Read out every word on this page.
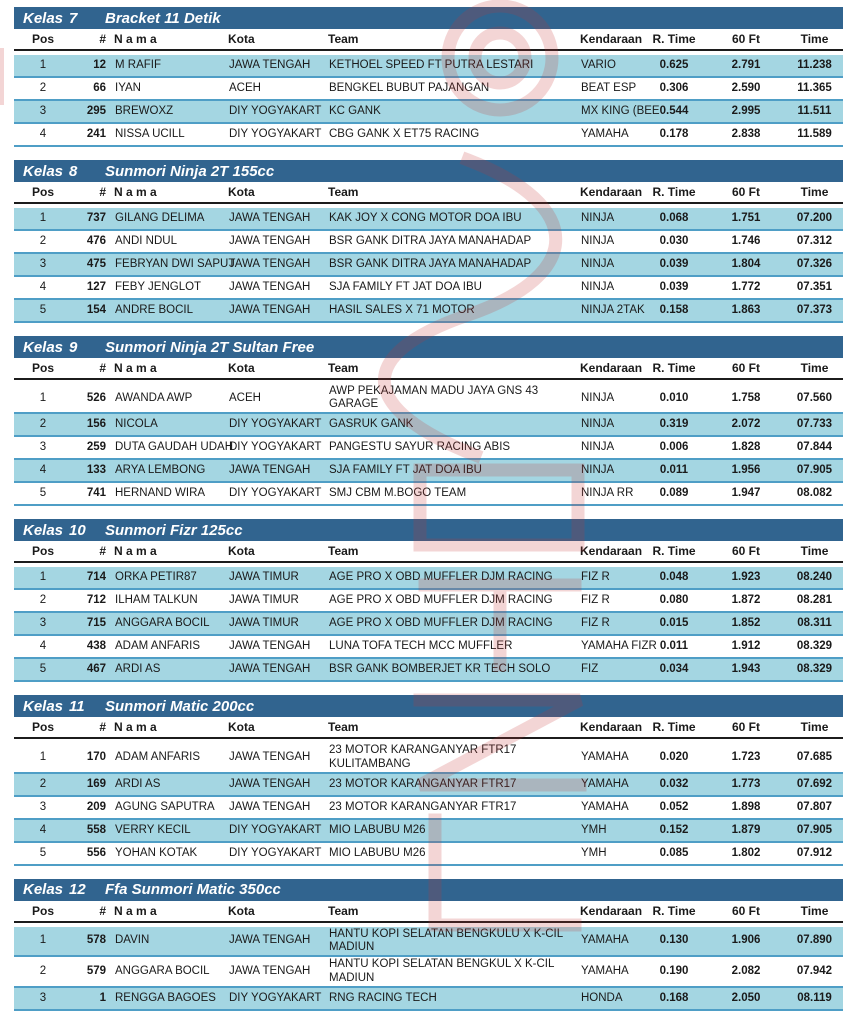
Kelas 7	Bracket 11 Detik
Pos	#	N a m a	Kota	Team	Kendaraan	R. Time	60 Ft	Time

1	12	M RAFIF	JAWA TENGAH	KETHOEL SPEED FT PUTRA LESTARI	VARIO	0.625	2.791	11.238
2	66	IYAN	ACEH	BENGKEL BUBUT PAJANGAN	BEAT ESP	0.306	2.590	11.365
3	295	BREWOXZ	DIY YOGYAKART	KC GANK	MX KING (BEE	0.544	2.995	11.511
4	241	NISSA UCILL	DIY YOGYAKART	CBG GANK X ET75 RACING	YAMAHA	0.178	2.838	11.589
Kelas 8	Sunmori Ninja 2T 155cc
Pos	#	N a m a	Kota	Team	Kendaraan	R. Time	60 Ft	Time

1	737	GILANG DELIMA	JAWA TENGAH	KAK JOY X CONG MOTOR DOA IBU	NINJA	0.068	1.751	07.200
2	476	ANDI NDUL	JAWA TENGAH	BSR GANK DITRA JAYA MANAHADAP	NINJA	0.030	1.746	07.312
3	475	FEBRYAN DWI SAPUT	JAWA TENGAH	BSR GANK DITRA JAYA MANAHADAP	NINJA	0.039	1.804	07.326
4	127	FEBY JENGLOT	JAWA TENGAH	SJA FAMILY FT JAT DOA IBU	NINJA	0.039	1.772	07.351
5	154	ANDRE BOCIL	JAWA TENGAH	HASIL SALES X 71 MOTOR	NINJA 2TAK	0.158	1.863	07.373
Kelas 9	Sunmori Ninja 2T Sultan Free
Pos	#	N a m a	Kota	Team	Kendaraan	R. Time	60 Ft	Time

1	526	AWANDA AWP	ACEH	AWP PEKAJAMAN MADU JAYA GNS 43 GARAGE	NINJA	0.010	1.758	07.560
2	156	NICOLA	DIY YOGYAKART	GASRUK GANK	NINJA	0.319	2.072	07.733
3	259	DUTA GAUDAH UDAH	DIY YOGYAKART	PANGESTU SAYUR RACING ABIS	NINJA	0.006	1.828	07.844
4	133	ARYA LEMBONG	JAWA TENGAH	SJA FAMILY FT JAT DOA IBU	NINJA	0.011	1.956	07.905
5	741	HERNAND WIRA	DIY YOGYAKART	SMJ CBM M.BOGO TEAM	NINJA RR	0.089	1.947	08.082
Kelas 10	Sunmori Fizr 125cc
Pos	#	N a m a	Kota	Team	Kendaraan	R. Time	60 Ft	Time

1	714	ORKA PETIR87	JAWA TIMUR	AGE PRO X OBD MUFFLER DJM RACING	FIZ R	0.048	1.923	08.240
2	712	ILHAM TALKUN	JAWA TIMUR	AGE PRO X OBD MUFFLER DJM RACING	FIZ R	0.080	1.872	08.281
3	715	ANGGARA BOCIL	JAWA TIMUR	AGE PRO X OBD MUFFLER DJM RACING	FIZ R	0.015	1.852	08.311
4	438	ADAM ANFARIS	JAWA TENGAH	LUNA TOFA TECH MCC MUFFLER	YAMAHA FIZR	0.011	1.912	08.329
5	467	ARDI AS	JAWA TENGAH	BSR GANK BOMBERJET KR TECH SOLO	FIZ	0.034	1.943	08.329
Kelas 11	Sunmori Matic 200cc
Pos	#	N a m a	Kota	Team	Kendaraan	R. Time	60 Ft	Time

1	170	ADAM ANFARIS	JAWA TENGAH	23 MOTOR KARANGANYAR FTR17 KULITAMBANG	YAMAHA	0.020	1.723	07.685
2	169	ARDI AS	JAWA TENGAH	23 MOTOR KARANGANYAR FTR17	YAMAHA	0.032	1.773	07.692
3	209	AGUNG SAPUTRA	JAWA TENGAH	23 MOTOR KARANGANYAR FTR17	YAMAHA	0.052	1.898	07.807
4	558	VERRY KECIL	DIY YOGYAKART	MIO LABUBU M26	YMH	0.152	1.879	07.905
5	556	YOHAN KOTAK	DIY YOGYAKART	MIO LABUBU M26	YMH	0.085	1.802	07.912
Kelas 12	Ffa Sunmori Matic 350cc
Pos	#	N a m a	Kota	Team	Kendaraan	R. Time	60 Ft	Time

1	578	DAVIN	JAWA TENGAH	HANTU KOPI SELATAN BENGKULU X K-CIL MADIUN	YAMAHA	0.130	1.906	07.890
2	579	ANGGARA BOCIL	JAWA TENGAH	HANTU KOPI SELATAN BENGKUL X K-CIL MADIUN	YAMAHA	0.190	2.082	07.942
3	1	RENGGA BAGOES	DIY YOGYAKART	RNG RACING TECH	HONDA	0.168	2.050	08.119
